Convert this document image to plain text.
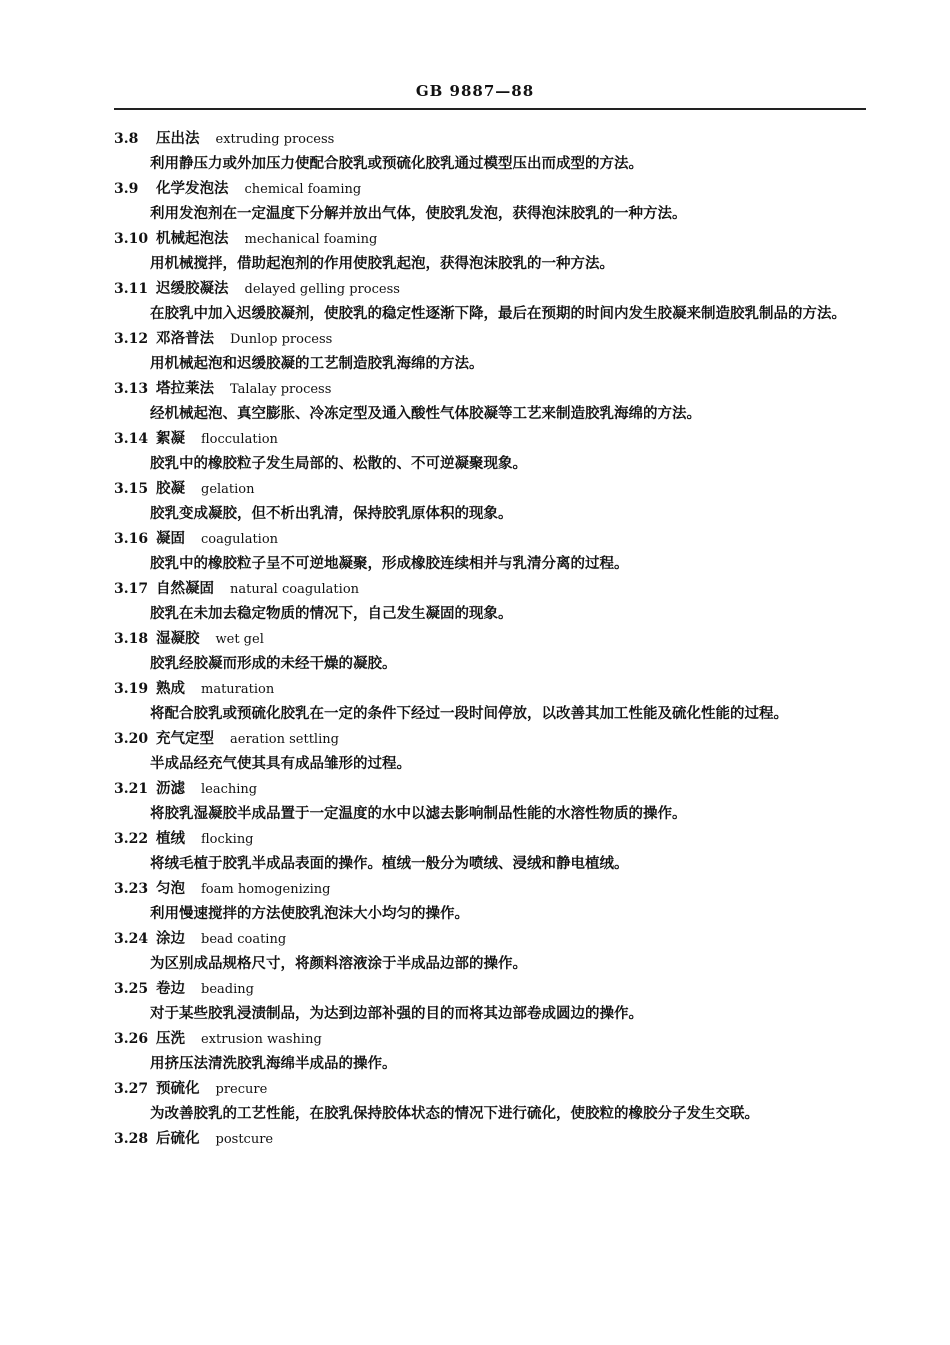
GB 9887—88
3.8 压出法 extruding process

利用静压力或外加压力使配合胶乳或预硫化胶乳通过模型压出而成型的方法。

3.9 化学发泡法 chemical foaming

利用发泡剂在一定温度下分解并放出气体，使胶乳发泡，获得泡沫胶乳的一种方法。

3.10 机械起泡法 mechanical foaming

用机械搅拌，借助起泡剂的作用使胶乳起泡，获得泡沫胶乳的一种方法。

3.11 迟缓胶凝法 delayed gelling process

在胶乳中加入迟缓胶凝剂，使胶乳的稳定性逐渐下降，最后在预期的时间内发生胶凝来制造胶乳制品的方法。

3.12 邓洛普法 Dunlop process

用机械起泡和迟缓胶凝的工艺制造胶乳海绵的方法。

3.13 塔拉莱法 Talalay process

经机械起泡、真空膨胀、冷冻定型及通入酸性气体胶凝等工艺来制造胶乳海绵的方法。

3.14 絮凝 flocculation

胶乳中的橡胶粒子发生局部的、松散的、不可逆凝聚现象。

3.15 胶凝 gelation

胶乳变成凝胶，但不析出乳清，保持胶乳原体积的现象。

3.16 凝固 coagulation

胶乳中的橡胶粒子呈不可逆地凝聚，形成橡胶连续相并与乳清分离的过程。

3.17 自然凝固 natural coagulation

胶乳在未加去稳定物质的情况下，自己发生凝固的现象。

3.18 湿凝胶 wet gel

胶乳经胶凝而形成的未经干燥的凝胶。

3.19 熟成 maturation

将配合胶乳或预硫化胶乳在一定的条件下经过一段时间停放，以改善其加工性能及硫化性能的过程。

3.20 充气定型 aeration settling

半成品经充气使其具有成品雏形的过程。

3.21 沥滤 leaching

将胶乳湿凝胶半成品置于一定温度的水中以滤去影响制品性能的水溶性物质的操作。

3.22 植绒 flocking

将绒毛植于胶乳半成品表面的操作。植绒一般分为喷绒、浸绒和静电植绒。

3.23 匀泡 foam homogenizing

利用慢速搅拌的方法使胶乳泡沫大小均匀的操作。

3.24 涂边 bead coating

为区别成品规格尺寸，将颜料溶液涂于半成品边部的操作。

3.25 卷边 beading

对于某些胶乳浸渍制品，为达到边部补强的目的而将其边部卷成圆边的操作。

3.26 压洗 extrusion washing

用挤压法清洗胶乳海绵半成品的操作。

3.27 预硫化 precure

为改善胶乳的工艺性能，在胶乳保持胶体状态的情况下进行硫化，使胶粒的橡胶分子发生交联。

3.28 后硫化 postcure
